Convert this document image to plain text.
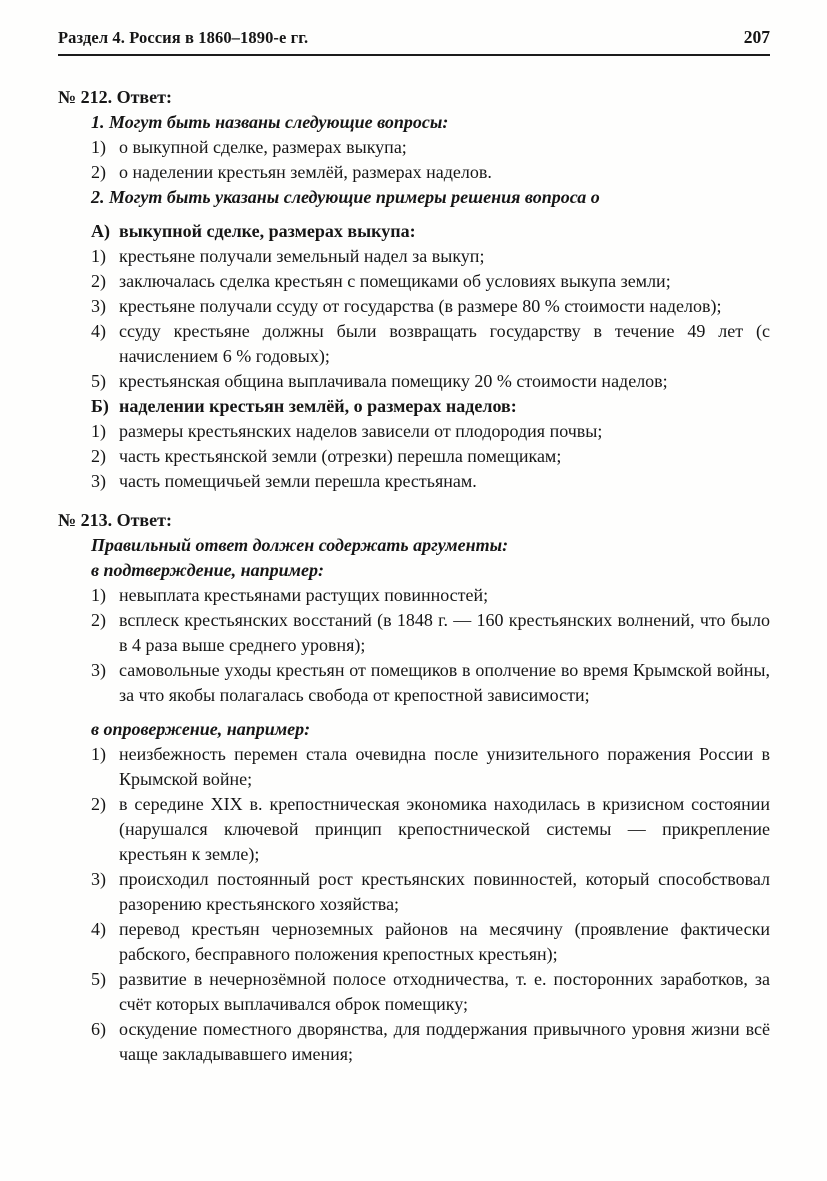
Раздел 4. Россия в 1860–1890-е гг.	207
№ 212. Ответ:
1. Могут быть названы следующие вопросы:
1) о выкупной сделке, размерах выкупа;
2) о наделении крестьян землёй, размерах наделов.
2. Могут быть указаны следующие примеры решения вопроса о
А) выкупной сделке, размерах выкупа:
1) крестьяне получали земельный надел за выкуп;
2) заключалась сделка крестьян с помещиками об условиях выкупа земли;
3) крестьяне получали ссуду от государства (в размере 80 % стоимости наделов);
4) ссуду крестьяне должны были возвращать государству в течение 49 лет (с начислением 6 % годовых);
5) крестьянская община выплачивала помещику 20 % стоимости наделов;
Б) наделении крестьян землёй, о размерах наделов:
1) размеры крестьянских наделов зависели от плодородия почвы;
2) часть крестьянской земли (отрезки) перешла помещикам;
3) часть помещичьей земли перешла крестьянам.
№ 213. Ответ:
Правильный ответ должен содержать аргументы:
в подтверждение, например:
1) невыплата крестьянами растущих повинностей;
2) всплеск крестьянских восстаний (в 1848 г. — 160 крестьянских волнений, что было в 4 раза выше среднего уровня);
3) самовольные уходы крестьян от помещиков в ополчение во время Крымской войны, за что якобы полагалась свобода от крепостной зависимости;
в опровержение, например:
1) неизбежность перемен стала очевидна после унизительного поражения России в Крымской войне;
2) в середине XIX в. крепостническая экономика находилась в кризисном состоянии (нарушался ключевой принцип крепостнической системы — прикрепление крестьян к земле);
3) происходил постоянный рост крестьянских повинностей, который способствовал разорению крестьянского хозяйства;
4) перевод крестьян черноземных районов на месячину (проявление фактически рабского, бесправного положения крепостных крестьян);
5) развитие в нечернозёмной полосе отходничества, т. е. посторонних заработков, за счёт которых выплачивался оброк помещику;
6) оскудение поместного дворянства, для поддержания привычного уровня жизни всё чаще закладывавшего имения;
